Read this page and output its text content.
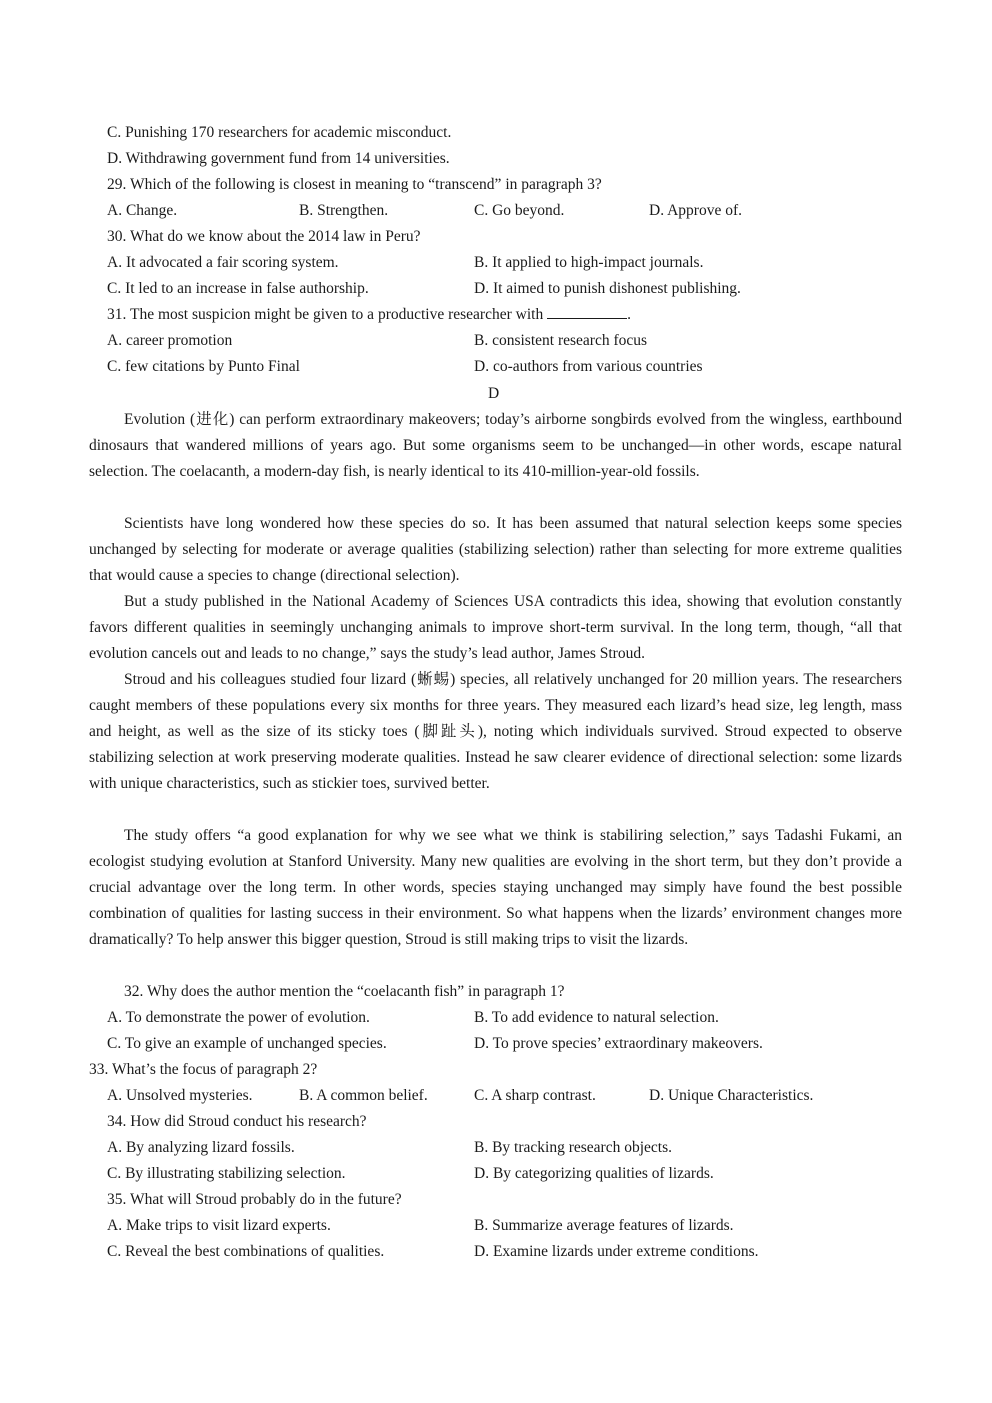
C. Punishing 170 researchers for academic misconduct.
D. Withdrawing government fund from 14 universities.
29. Which of the following is closest in meaning to “transcend” in paragraph 3?
A. Change.	B. Strengthen.	C. Go beyond.	D. Approve of.
30. What do we know about the 2014 law in Peru?
A. It advocated a fair scoring system.	B. It applied to high-impact journals.
C. It led to an increase in false authorship.	D. It aimed to punish dishonest publishing.
31. The most suspicion might be given to a productive researcher with	.
A. career promotion	B. consistent research focus
C. few citations by Punto Final	D. co-authors from various countries
D
Evolution (进化) can perform extraordinary makeovers; today’s airborne songbirds evolved from the wingless, earthbound dinosaurs that wandered millions of years ago. But some organisms seem to be unchanged—in other words, escape natural selection. The coelacanth, a modern-day fish, is nearly identical to its 410-million-year-old fossils.
Scientists have long wondered how these species do so. It has been assumed that natural selection keeps some species unchanged by selecting for moderate or average qualities (stabilizing selection) rather than selecting for more extreme qualities that would cause a species to change (directional selection).
But a study published in the National Academy of Sciences USA contradicts this idea, showing that evolution constantly favors different qualities in seemingly unchanging animals to improve short-term survival. In the long term, though, “all that evolution cancels out and leads to no change,” says the study’s lead author, James Stroud.
Stroud and his colleagues studied four lizard (蜥蜴) species, all relatively unchanged for 20 million years. The researchers caught members of these populations every six months for three years. They measured each lizard’s head size, leg length, mass and height, as well as the size of its sticky toes (脚趾头), noting which individuals survived. Stroud expected to observe stabilizing selection at work preserving moderate qualities. Instead he saw clearer evidence of directional selection: some lizards with unique characteristics, such as stickier toes, survived better.
The study offers “a good explanation for why we see what we think is stabiliring selection,” says Tadashi Fukami, an ecologist studying evolution at Stanford University. Many new qualities are evolving in the short term, but they don’t provide a crucial advantage over the long term. In other words, species staying unchanged may simply have found the best possible combination of qualities for lasting success in their environment. So what happens when the lizards’ environment changes more dramatically? To help answer this bigger question, Stroud is still making trips to visit the lizards.
32. Why does the author mention the “coelacanth fish” in paragraph 1?
A. To demonstrate the power of evolution.	B. To add evidence to natural selection.
C. To give an example of unchanged species.	D. To prove species’ extraordinary makeovers.
33. What’s the focus of paragraph 2?
A. Unsolved mysteries.	B. A common belief.	C. A sharp contrast.	D. Unique Characteristics.
34. How did Stroud conduct his research?
A. By analyzing lizard fossils.	B. By tracking research objects.
C. By illustrating stabilizing selection.	D. By categorizing qualities of lizards.
35. What will Stroud probably do in the future?
A. Make trips to visit lizard experts.	B. Summarize average features of lizards.
C. Reveal the best combinations of qualities.	D. Examine lizards under extreme conditions.
